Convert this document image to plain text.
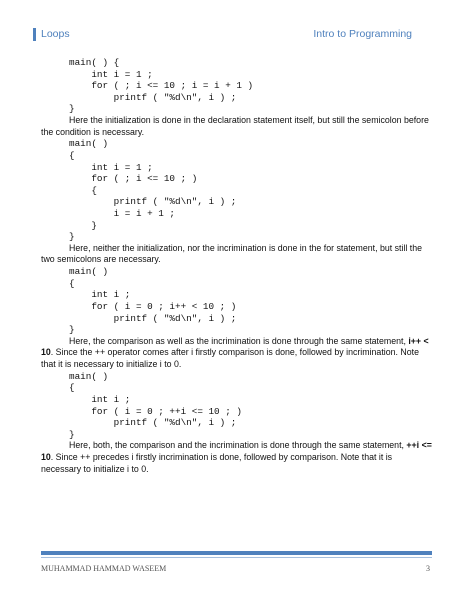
Loops	Intro to Programming
main( ) {
int i = 1 ;
for ( ; i <= 10 ; i = i + 1 )
printf ( "%d\n", i ) ;
}

Here the initialization is done in the declaration statement itself, but still the semicolon before the condition is necessary.

main( )
{
int i = 1 ;
for ( ; i <= 10 ; )
{
printf ( "%d\n", i ) ;
i = i + 1 ;
}
}

Here, neither the initialization, nor the incrimination is done in the for statement, but still the two semicolons are necessary.

main( )
{
int i ;
for ( i = 0 ; i++ < 10 ; )
printf ( "%d\n", i ) ;
}

Here, the comparison as well as the incrimination is done through the same statement, i++ < 10. Since the ++ operator comes after i firstly comparison is done, followed by incrimination. Note that it is necessary to initialize i to 0.

main( )
{
int i ;
for ( i = 0 ; ++i <= 10 ; )
printf ( "%d\n", i ) ;
}

Here, both, the comparison and the incrimination is done through the same statement, ++i <= 10. Since ++ precedes i firstly incrimination is done, followed by comparison. Note that it is necessary to initialize i to 0.

MUHAMMAD HAMMAD WASEEM	3
